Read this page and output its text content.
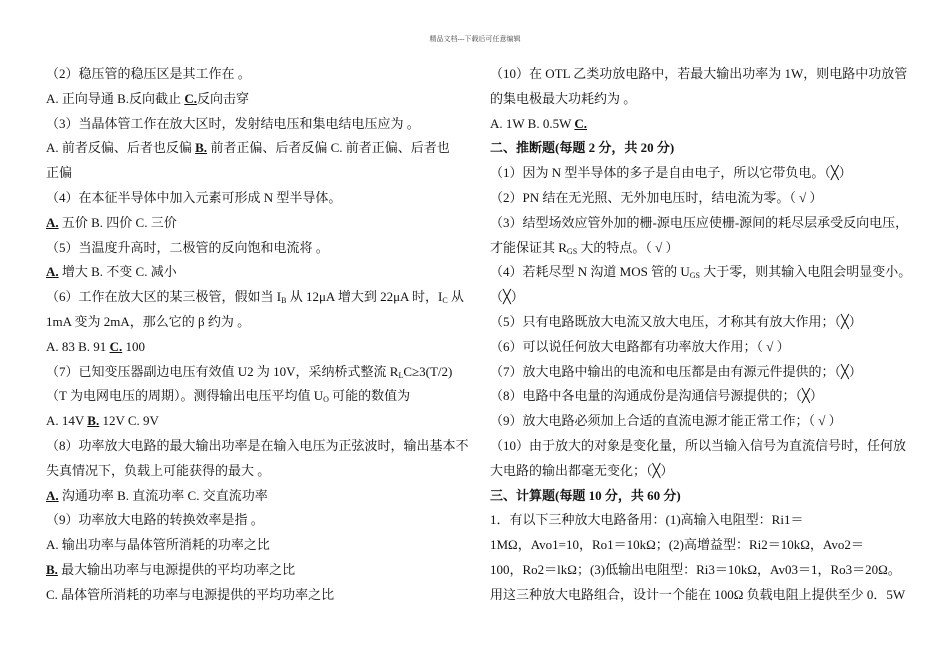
精品文档---下载后可任意编辑
（2）稳压管的稳压区是其工作在 。
A. 正向导通 B.反向截止 C.反向击穿
（3）当晶体管工作在放大区时，发射结电压和集电结电压应为 。
A. 前者反偏、后者也反偏 B. 前者正偏、后者反偏 C. 前者正偏、后者也
正偏
（4）在本征半导体中加入元素可形成 N 型半导体。
A. 五价 B. 四价 C. 三价
（5）当温度升高时，二极管的反向饱和电流将 。
A. 增大 B. 不变 C. 减小
（6）工作在放大区的某三极管，假如当 $I_B$ 从 12μA 增大到 22μA 时，$I_C$ 从
1mA 变为 2mA，那么它的 β 约为 。
A. 83 B. 91 C. 100
（7）已知变压器副边电压有效值 U2 为 10V，采纳桥式整流 $R_LC\ge 3(T/2)$
（T 为电网电压的周期）。测得输出电压平均值 $U_O$ 可能的数值为
A. 14V B. 12V C. 9V
（8）功率放大电路的最大输出功率是在输入电压为正弦波时，输出基本不
失真情况下，负载上可能获得的最大 。
A. 沟通功率 B. 直流功率 C. 交直流功率
（9）功率放大电路的转换效率是指 。
A. 输出功率与晶体管所消耗的功率之比
B. 最大输出功率与电源提供的平均功率之比
C. 晶体管所消耗的功率与电源提供的平均功率之比
（10）在 OTL 乙类功放电路中，若最大输出功率为 1W，则电路中功放管
的集电极最大功耗约为 。
A. 1W B. 0.5W C.
二、推断题(每题 2 分，共 20 分)
（1）因为 N 型半导体的多子是自由电子，所以它带负电。（╳）
（2）PN 结在无光照、无外加电压时，结电流为零。（ √ ）
（3）结型场效应管外加的栅-源电压应使栅-源间的耗尽层承受反向电压，
才能保证其 $R_{GS}$ 大的特点。（ √ ）
（4）若耗尽型 N 沟道 MOS 管的 $U_{GS}$ 大于零，则其输入电阻会明显变小。
（╳）
（5）只有电路既放大电流又放大电压，才称其有放大作用；（╳）
（6）可以说任何放大电路都有功率放大作用；（ √ ）
（7）放大电路中输出的电流和电压都是由有源元件提供的；（╳）
（8）电路中各电量的沟通成份是沟通信号源提供的；（╳）
（9）放大电路必须加上合适的直流电源才能正常工作；（ √ ）
（10）由于放大的对象是变化量，所以当输入信号为直流信号时，任何放
大电路的输出都毫无变化；（╳）
三、计算题(每题 10 分，共 60 分)
1．有以下三种放大电路备用：(1)高输入电阻型：Ri1＝
1MΩ，Avo1=10，Ro1＝10kΩ；(2)高增益型：Ri2＝10kΩ，Avo2＝
100，Ro2＝lkΩ；(3)低输出电阻型：Ri3＝10kΩ，Av03＝1，Ro3＝20Ω。
用这三种放大电路组合，设计一个能在 100Ω 负载电阻上提供至少 0．5W
